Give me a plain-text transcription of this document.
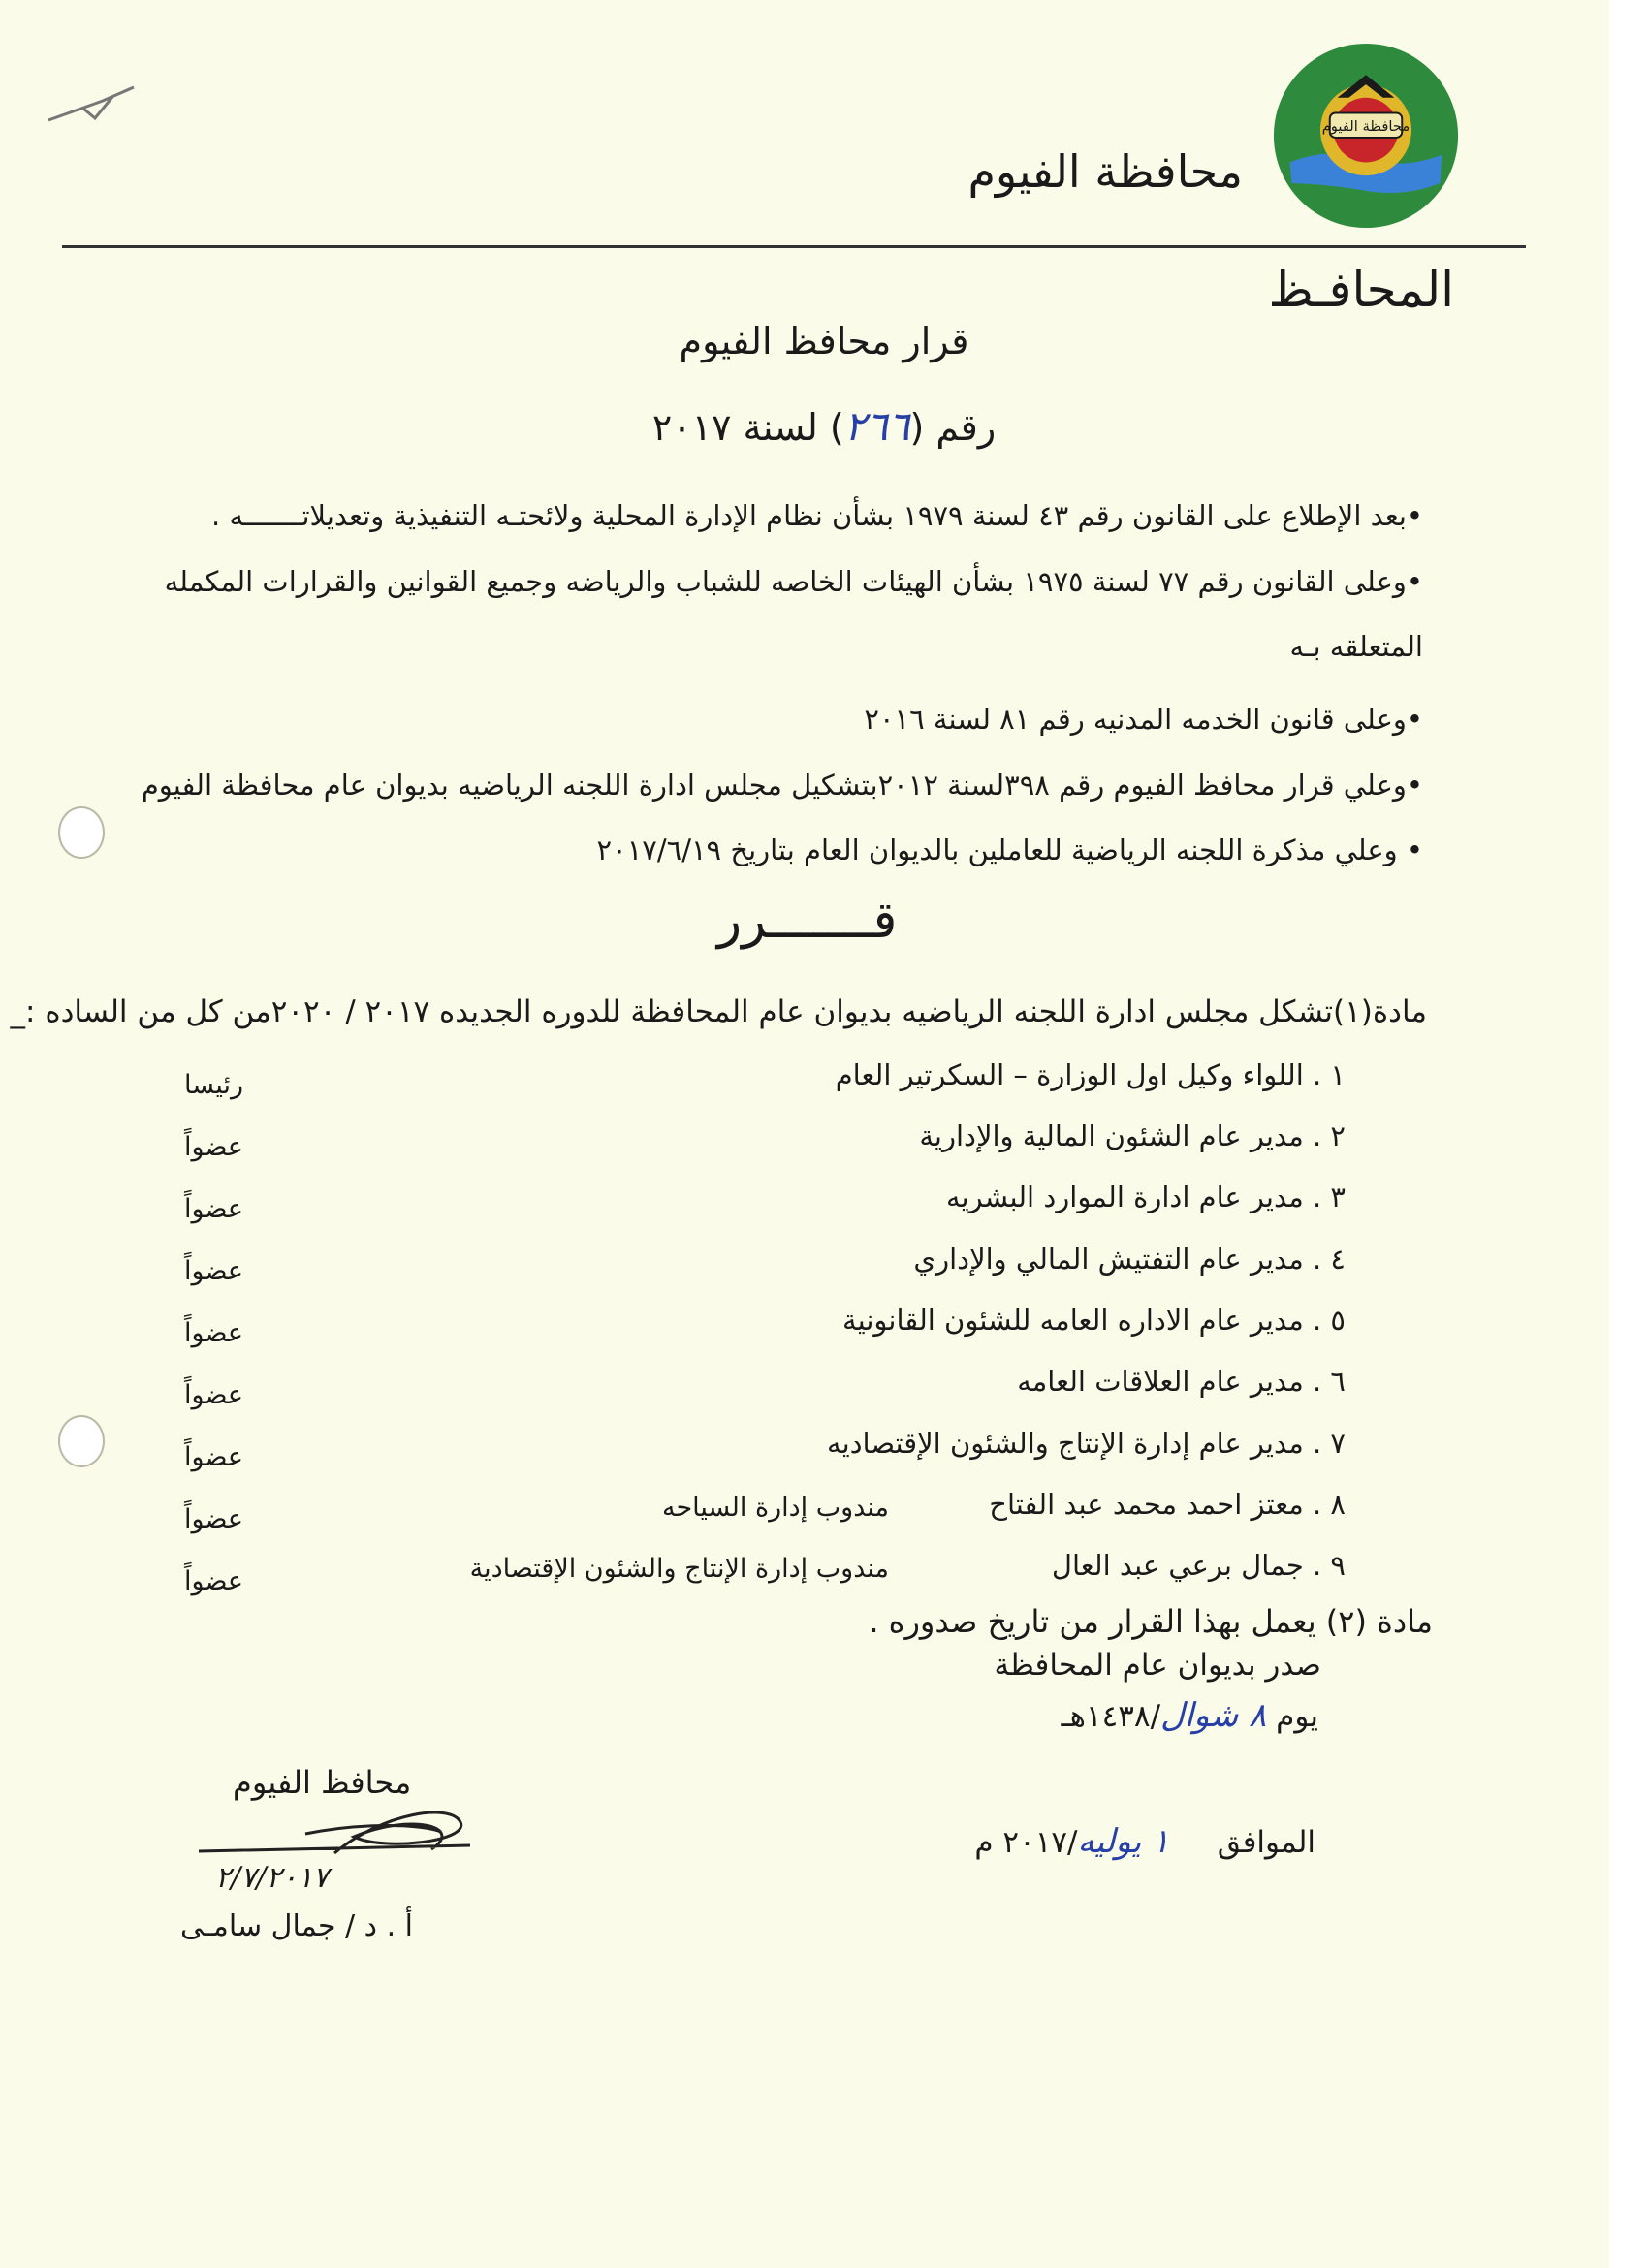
محافظة الفيوم
محافظة الفيوم
المحافـظ
قرار محافظ الفيوم
رقم (٢٦٦) لسنة ٢٠١٧
•بعد الإطلاع على القانون رقم ٤٣ لسنة ١٩٧٩ بشأن نظام الإدارة المحلية ولائحتـه التنفيذية وتعديلاتـــــــه .
•وعلى القانون رقم ٧٧ لسنة ١٩٧٥ بشأن الهيئات الخاصه للشباب والرياضه وجميع القوانين والقرارات المكمله
المتعلقه بـه
•وعلى قانون الخدمه المدنيه رقم ٨١ لسنة ٢٠١٦
•وعلي قرار محافظ الفيوم رقم ٣٩٨لسنة ٢٠١٢بتشكيل مجلس ادارة اللجنه الرياضيه بديوان عام محافظة الفيوم
• وعلي مذكرة اللجنه الرياضية للعاملين بالديوان العام بتاريخ ٢٠١٧/٦/١٩
قـــــــرر
مادة(١)تشكل مجلس ادارة اللجنه الرياضيه بديوان عام المحافظة للدوره الجديده ٢٠١٧ / ٢٠٢٠من كل من الساده :_
١ . اللواء وكيل اول الوزارة – السكرتير العام
رئيسا
٢ . مدير عام الشئون المالية والإدارية
عضواً
٣ . مدير عام ادارة الموارد البشريه
عضواً
٤ . مدير عام التفتيش المالي والإداري
عضواً
٥ . مدير عام الاداره العامه للشئون القانونية
عضواً
٦ . مدير عام العلاقات العامه
عضواً
٧ . مدير عام إدارة الإنتاج والشئون الإقتصاديه
عضواً
٨ . معتز احمد محمد عبد الفتاح
مندوب إدارة السياحه
عضواً
٩ . جمال برعي عبد العال
مندوب إدارة الإنتاج والشئون الإقتصادية
عضواً
مادة (٢) يعمل بهذا القرار من تاريخ صدوره .
صدر بديوان عام المحافظة
يوم ٨ شوال/١٤٣٨هـ
الموافق     ١ يوليه/٢٠١٧ م
محافظ الفيوم
٢/٧/٢٠١٧
أ . د / جمال سامـى
